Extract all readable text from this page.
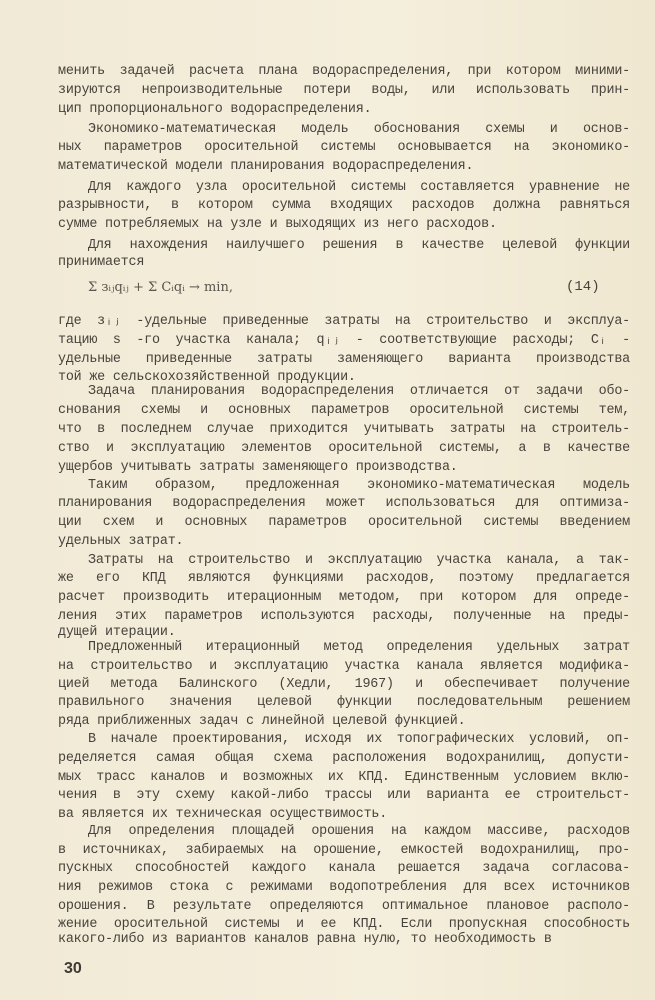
менить задачей расчета плана водораспределения, при котором миними-
зируются непроизводительные потери воды, или использовать прин-
цип пропорционального водораспределения.
Экономико-математическая модель обоснования схемы и основ-
ных параметров оросительной системы основывается на экономико-
математической модели планирования водораспределения.
Для каждого узла оросительной системы составляется уравнение не
разрывности, в котором сумма входящих расходов должна равняться
сумме потребляемых на узле и выходящих из него расходов.
Для нахождения наилучшего решения в качестве целевой функции
принимается
где зᵢⱼ -удельные приведенные затраты на строительство и эксплуа-
тацию s -го участка канала; qᵢⱼ - соответствующие расходы; Cᵢ -
удельные приведенные затраты заменяющего варианта производства
той же сельскохозяйственной продукции.
Задача планирования водораспределения отличается от задачи обо-
снования схемы и основных параметров оросительной системы тем,
что в последнем случае приходится учитывать затраты на строитель-
ство и эксплуатацию элементов оросительной системы, а в качестве
ущербов учитывать затраты заменяющего производства.
Таким образом, предложенная экономико-математическая модель
планирования водораспределения может использоваться для оптимиза-
ции схем и основных параметров оросительной системы введением
удельных затрат.
Затраты на строительство и эксплуатацию участка канала, а так-
же его КПД являются функциями расходов, поэтому предлагается
расчет производить итерационным методом, при котором для опреде-
ления этих параметров используются расходы, полученные на преды-
дущей итерации.
Предложенный итерационный метод определения удельных затрат
на строительство и эксплуатацию участка канала является модифика-
цией метода Балинского (Хедли, 1967) и обеспечивает получение
правильного значения целевой функции последовательным решением
ряда приближенных задач с линейной целевой функцией.
В начале проектирования, исходя их топографических условий, оп-
ределяется самая общая схема расположения водохранилищ, допусти-
мых трасс каналов и возможных их КПД. Единственным условием вклю-
чения в эту схему какой-либо трассы или варианта ее строительст-
ва является их техническая осуществимость.
Для определения площадей орошения на каждом массиве, расходов
в источниках, забираемых на орошение, емкостей водохранилищ, про-
пускных способностей каждого канала решается задача согласова-
ния режимов стока с режимами водопотребления для всех источников
орошения. В результате определяются оптимальное плановое располо-
жение оросительной системы и ее КПД. Если пропускная способность
какого-либо из вариантов каналов равна нулю, то необходимость в
Σ зᵢⱼqᵢⱼ + Σ Cᵢqᵢ → min,	(14)
30
